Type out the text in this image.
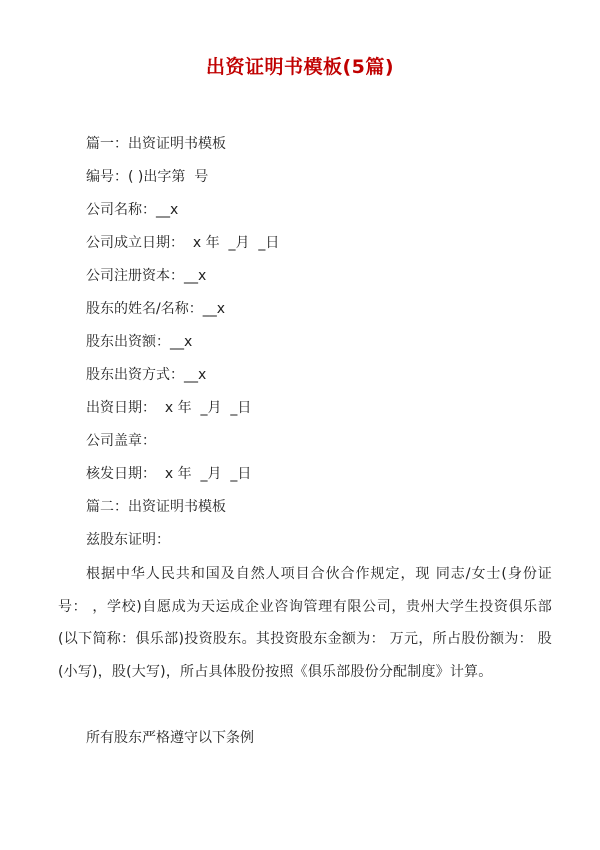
出资证明书模板(5篇)
篇一：出资证明书模板
编号：( )出字第  号
公司名称：__x
公司成立日期：  x 年  _月  _日
公司注册资本：__x
股东的姓名/名称：__x
股东出资额：__x
股东出资方式：__x
出资日期：  x 年  _月  _日
公司盖章：
核发日期：  x 年  _月  _日
篇二：出资证明书模板
兹股东证明：
根据中华人民共和国及自然人项目合伙合作规定，现 同志/女士(身份证号： ，学校)自愿成为天运成企业咨询管理有限公司，贵州大学生投资俱乐部(以下简称：俱乐部)投资股东。其投资股东金额为： 万元，所占股份额为： 股(小写)，股(大写)，所占具体股份按照《俱乐部股份分配制度》计算。
所有股东严格遵守以下条例
